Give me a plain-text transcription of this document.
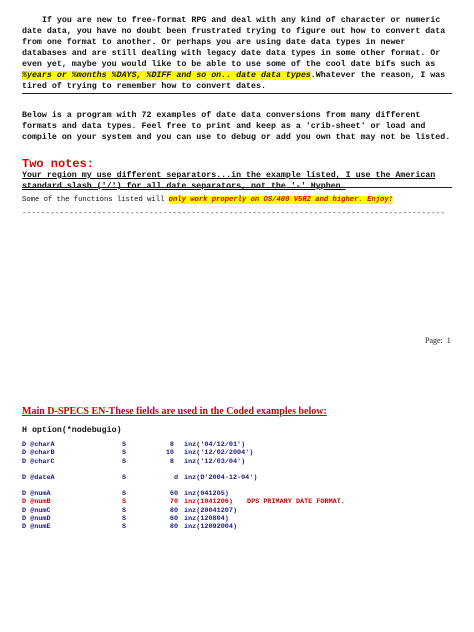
If you are new to free-format RPG and deal with any kind of character or numeric date data, you have no doubt been frustrated trying to figure out how to convert data from one format to another. Or perhaps you are using date data types in newer databases and are still dealing with legacy date data types in some other format. Or even yet, maybe you would like to be able to use some of the cool date bifs such as %years or %months %DAYS, %DIFF and so on.. date data types.Whatever the reason, I was tired of trying to remember how to convert dates.
Below is a program with 72 examples of date data conversions from many different formats and data types. Feel free to print and keep as a 'crib-sheet' or load and compile on your system and you can use to debug or add you own that may not be listed.
Two notes:
Your region my use different separators...in the example listed, I use the American standard slash ('/') for all date separators, not the '-' Hyphen.
Some of the functions listed will only work properly on OS/400 V5R2 and higher. Enjoy!
------------------------------------------------------------------------------------------
Page: 1
Main D-SPECS EN-These fields are used in the Coded examples below:
H option(*nodebugio)
D @charA	S	8 inz('04/12/01')
D @charB	S	10 inz('12/02/2004')
D @charC	S	8 inz('12/03/04')
D @dateA	S	d inz(D'2004-12-04')
D @numA	S	6 0 inz(041205)
D @numB	S	7 0 inz(1041206) DPS PRIMARY DATE FORMAT.
D @numC	S	8 0 inz(20041207)
D @numD	S	6 0 inz(120804)
D @numE	S	8 0 inz(12092004)
